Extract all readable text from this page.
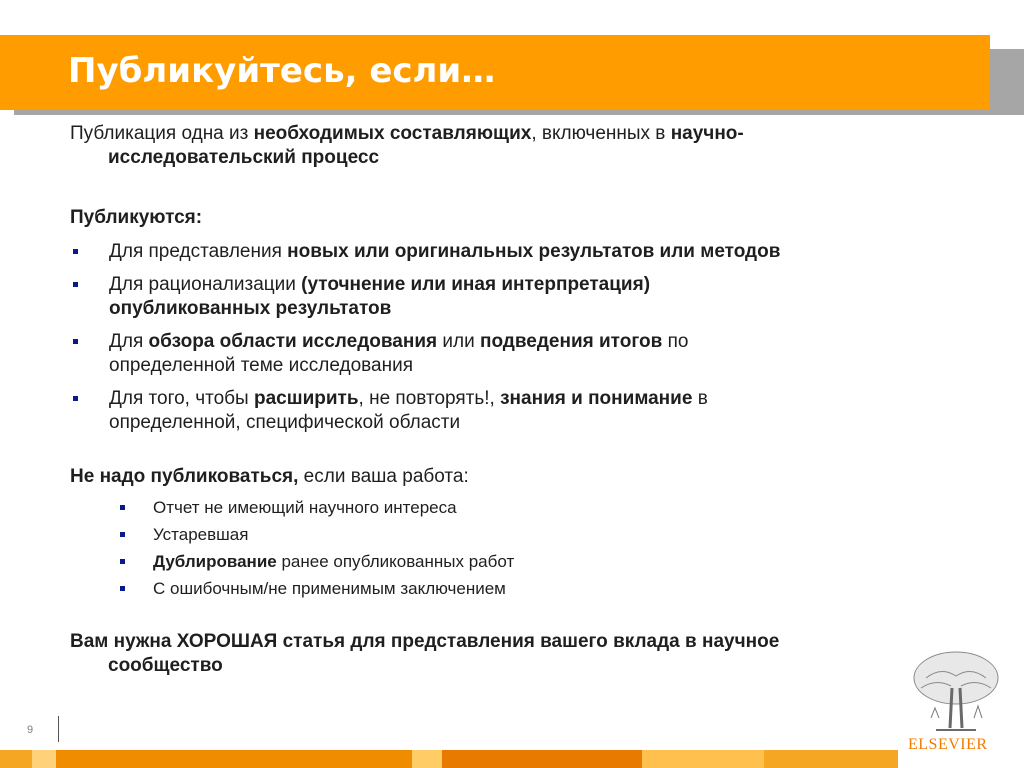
Публикуйтесь, если…

Публикация одна из необходимых составляющих, включенных в научно-
исследовательский процесс

Публикуются:

Для представления новых или оригинальных результатов или методов
Для рационализации (уточнение или иная интерпретация)
опубликованных результатов
Для обзора области исследования или подведения итогов по
определенной теме исследования
Для того, чтобы расширить, не повторять!, знания и понимание в
определенной, специфической области

Не надо публиковаться, если ваша работа:

Отчет не имеющий научного интереса
Устаревшая
Дублирование ранее опубликованных работ
С ошибочным/не применимым заключением

Вам нужна ХОРОШАЯ статья для представления вашего вклада в научное
сообщество

9
ELSEVIER
